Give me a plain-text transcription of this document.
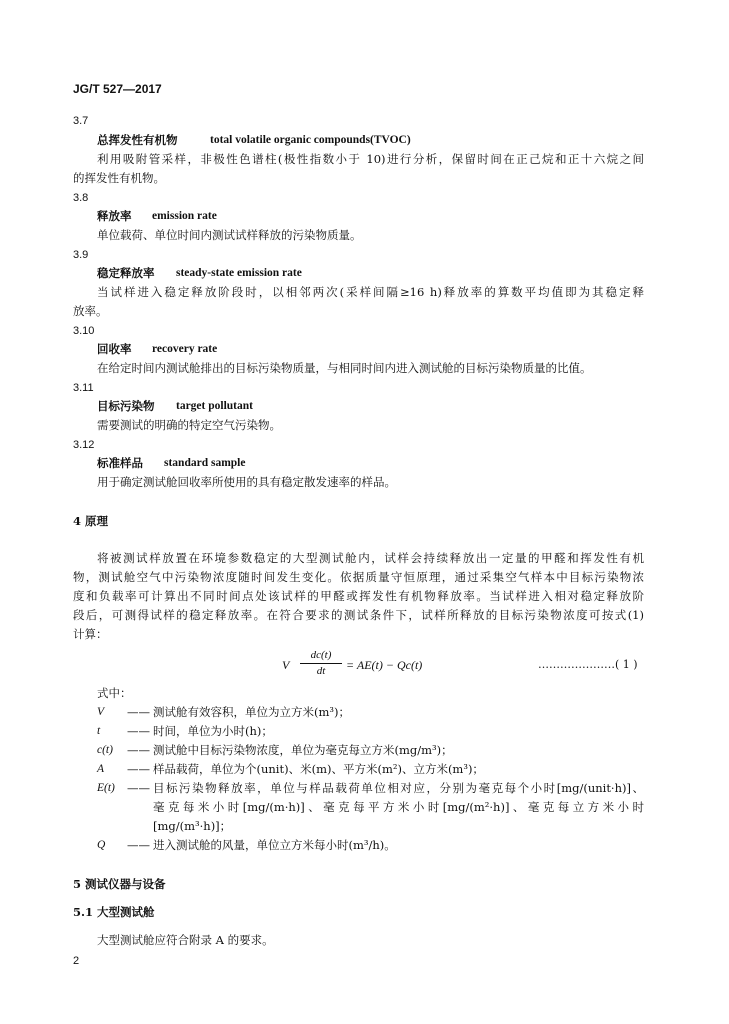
JG/T 527—2017
3.7
总挥发性有机物	total volatile organic compounds(TVOC)
利用吸附管采样，非极性色谱柱(极性指数小于 10)进行分析，保留时间在正己烷和正十六烷之间
的挥发性有机物。
3.8
释放率 emission rate
单位载荷、单位时间内测试试样释放的污染物质量。
3.9
稳定释放率 steady-state emission rate
当试样进入稳定释放阶段时，以相邻两次(采样间隔≥16 h)释放率的算数平均值即为其稳定释
放率。
3.10
回收率 recovery rate
在给定时间内测试舱排出的目标污染物质量，与相同时间内进入测试舱的目标污染物质量的比值。
3.11
目标污染物 target pollutant
需要测试的明确的特定空气污染物。
3.12
标准样品 standard sample
用于确定测试舱回收率所使用的具有稳定散发速率的样品。
4 原理
将被测试样放置在环境参数稳定的大型测试舱内，试样会持续释放出一定量的甲醛和挥发性有机
物，测试舱空气中污染物浓度随时间发生变化。依据质量守恒原理，通过采集空气样本中目标污染物浓
度和负载率可计算出不同时间点处该试样的甲醛或挥发性有机物释放率。当试样进入相对稳定释放阶
段后，可测得试样的稳定释放率。在符合要求的测试条件下，试样所释放的目标污染物浓度可按式(1)
计算：
V
dc(t)
dt	= AE(t) − Qc(t)	…………………( 1 )
式中：
V —— 测试舱有效容积，单位为立方米(m³)；
t —— 时间，单位为小时(h)；
c(t) —— 测试舱中目标污染物浓度，单位为毫克每立方米(mg/m³)；
A —— 样品载荷，单位为个(unit)、米(m)、平方米(m²)、立方米(m³)；
E(t) —— 目标污染物释放率，单位与样品载荷单位相对应，分别为毫克每个小时[mg/(unit·h)]、
毫克每米小时[mg/(m·h)]、毫克每平方米小时[mg/(m²·h)]、毫克每立方米小时
[mg/(m³·h)]；
Q —— 进入测试舱的风量，单位立方米每小时(m³/h)。
5 测试仪器与设备
5.1 大型测试舱
大型测试舱应符合附录 A 的要求。
2
